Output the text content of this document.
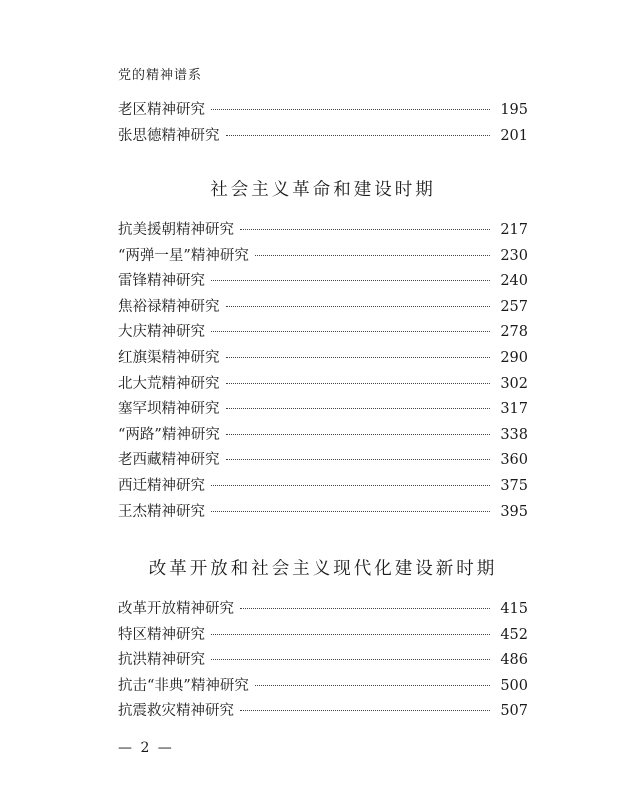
党的精神谱系
老区精神研究	195
张思德精神研究	201
社会主义革命和建设时期
抗美援朝精神研究	217
“两弹一星”精神研究	230
雷锋精神研究	240
焦裕禄精神研究	257
大庆精神研究	278
红旗渠精神研究	290
北大荒精神研究	302
塞罕坝精神研究	317
“两路”精神研究	338
老西藏精神研究	360
西迁精神研究	375
王杰精神研究	395
改革开放和社会主义现代化建设新时期
改革开放精神研究	415
特区精神研究	452
抗洪精神研究	486
抗击“非典”精神研究	500
抗震救灾精神研究	507
— 2 —
